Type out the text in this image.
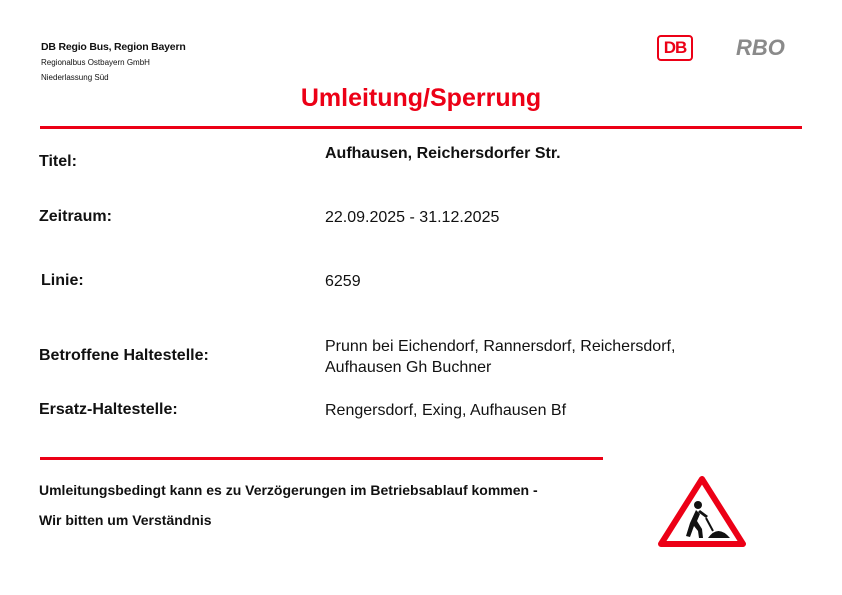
DB Regio Bus, Region Bayern
Regionalbus Ostbayern GmbH
Niederlassung Süd
DB	RBO
Umleitung/Sperrung
Titel:	Aufhausen, Reichersdorfer Str.
Zeitraum:	22.09.2025 - 31.12.2025
Linie:	6259
Betroffene Haltestelle:
Prunn bei Eichendorf, Rannersdorf, Reichersdorf,
Aufhausen Gh Buchner
Ersatz-Haltestelle:	Rengersdorf, Exing, Aufhausen Bf
Umleitungsbedingt kann es zu Verzögerungen im Betriebsablauf kommen -
Wir bitten um Verständnis
